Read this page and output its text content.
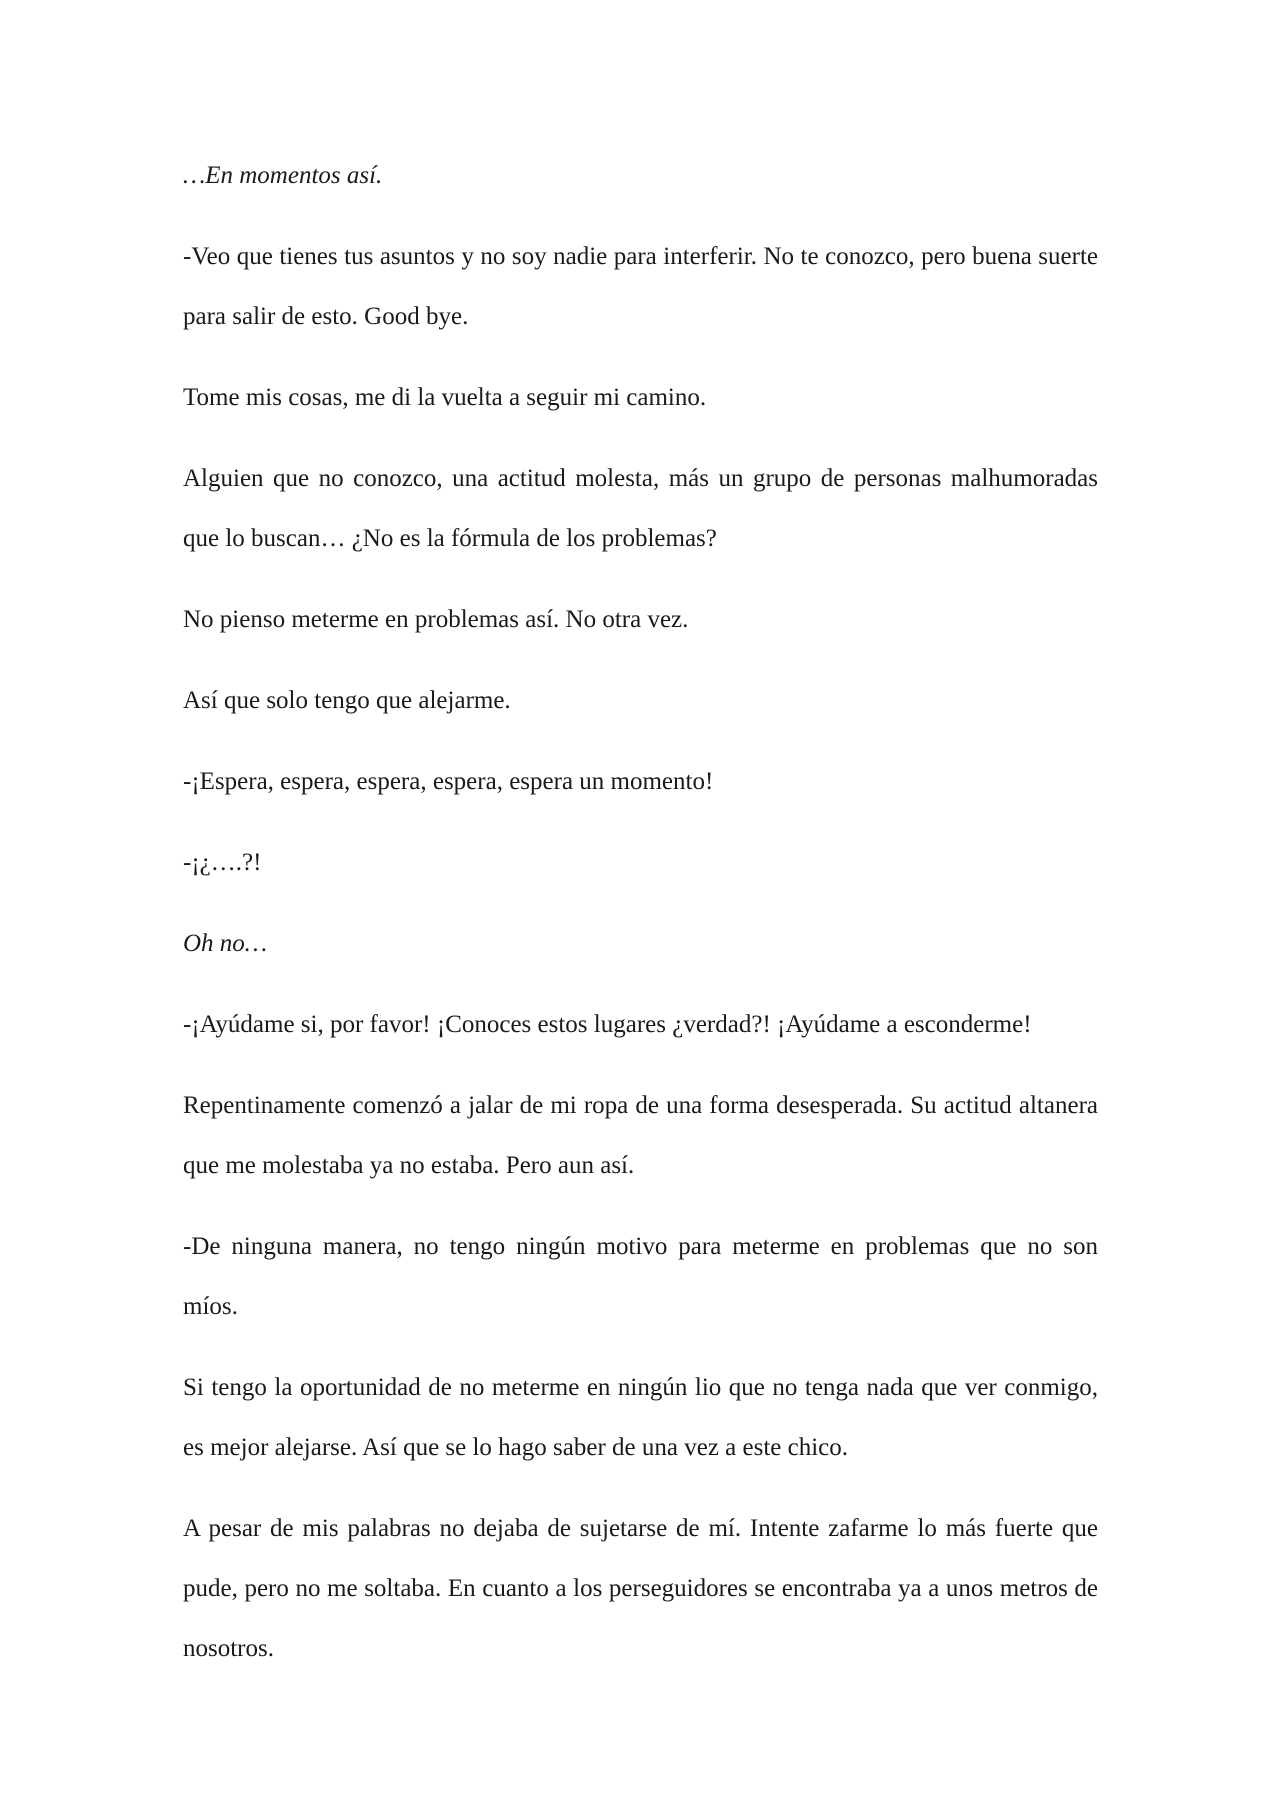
…En momentos así.

-Veo que tienes tus asuntos y no soy nadie para interferir. No te conozco, pero buena suerte para salir de esto. Good bye.

Tome mis cosas, me di la vuelta a seguir mi camino.

Alguien que no conozco, una actitud molesta, más un grupo de personas malhumoradas que lo buscan… ¿No es la fórmula de los problemas?

No pienso meterme en problemas así. No otra vez.

Así que solo tengo que alejarme.

-¡Espera, espera, espera, espera, espera un momento!

-¡¿….?!

Oh no…

-¡Ayúdame si, por favor! ¡Conoces estos lugares ¿verdad?! ¡Ayúdame a esconderme!

Repentinamente comenzó a jalar de mi ropa de una forma desesperada. Su actitud altanera que me molestaba ya no estaba. Pero aun así.

-De ninguna manera, no tengo ningún motivo para meterme en problemas que no son míos.

Si tengo la oportunidad de no meterme en ningún lio que no tenga nada que ver conmigo, es mejor alejarse. Así que se lo hago saber de una vez a este chico.

A pesar de mis palabras no dejaba de sujetarse de mí. Intente zafarme lo más fuerte que pude, pero no me soltaba. En cuanto a los perseguidores se encontraba ya a unos metros de nosotros.
